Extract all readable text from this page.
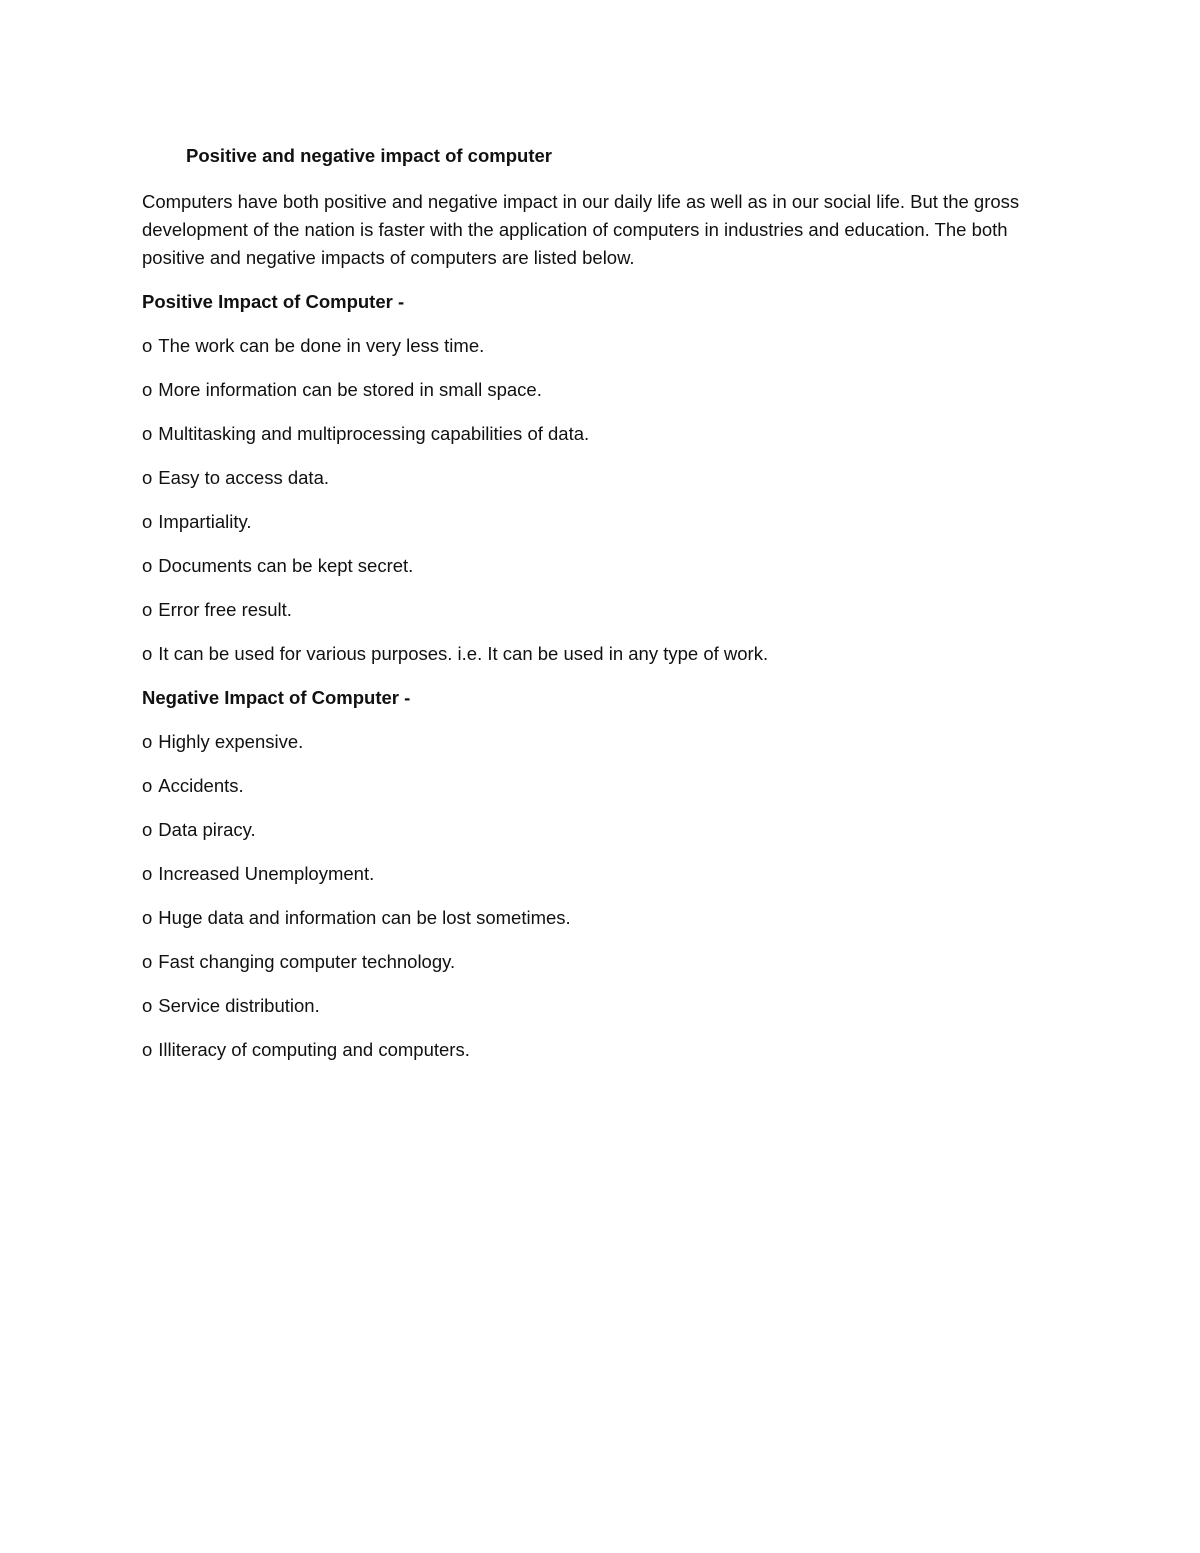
Positive and negative impact of computer

Computers have both positive and negative impact in our daily life as well as in our social life. But the gross development of the nation is faster with the application of computers in industries and education. The both positive and negative impacts of computers are listed below.

Positive Impact of Computer -
o The work can be done in very less time.
o More information can be stored in small space.
o Multitasking and multiprocessing capabilities of data.
o Easy to access data.
o Impartiality.
o Documents can be kept secret.
o Error free result.
o It can be used for various purposes. i.e. It can be used in any type of work.
Negative Impact of Computer -
o Highly expensive.
o Accidents.
o Data piracy.
o Increased Unemployment.
o Huge data and information can be lost sometimes.
o Fast changing computer technology.
o Service distribution.
o Illiteracy of computing and computers.
